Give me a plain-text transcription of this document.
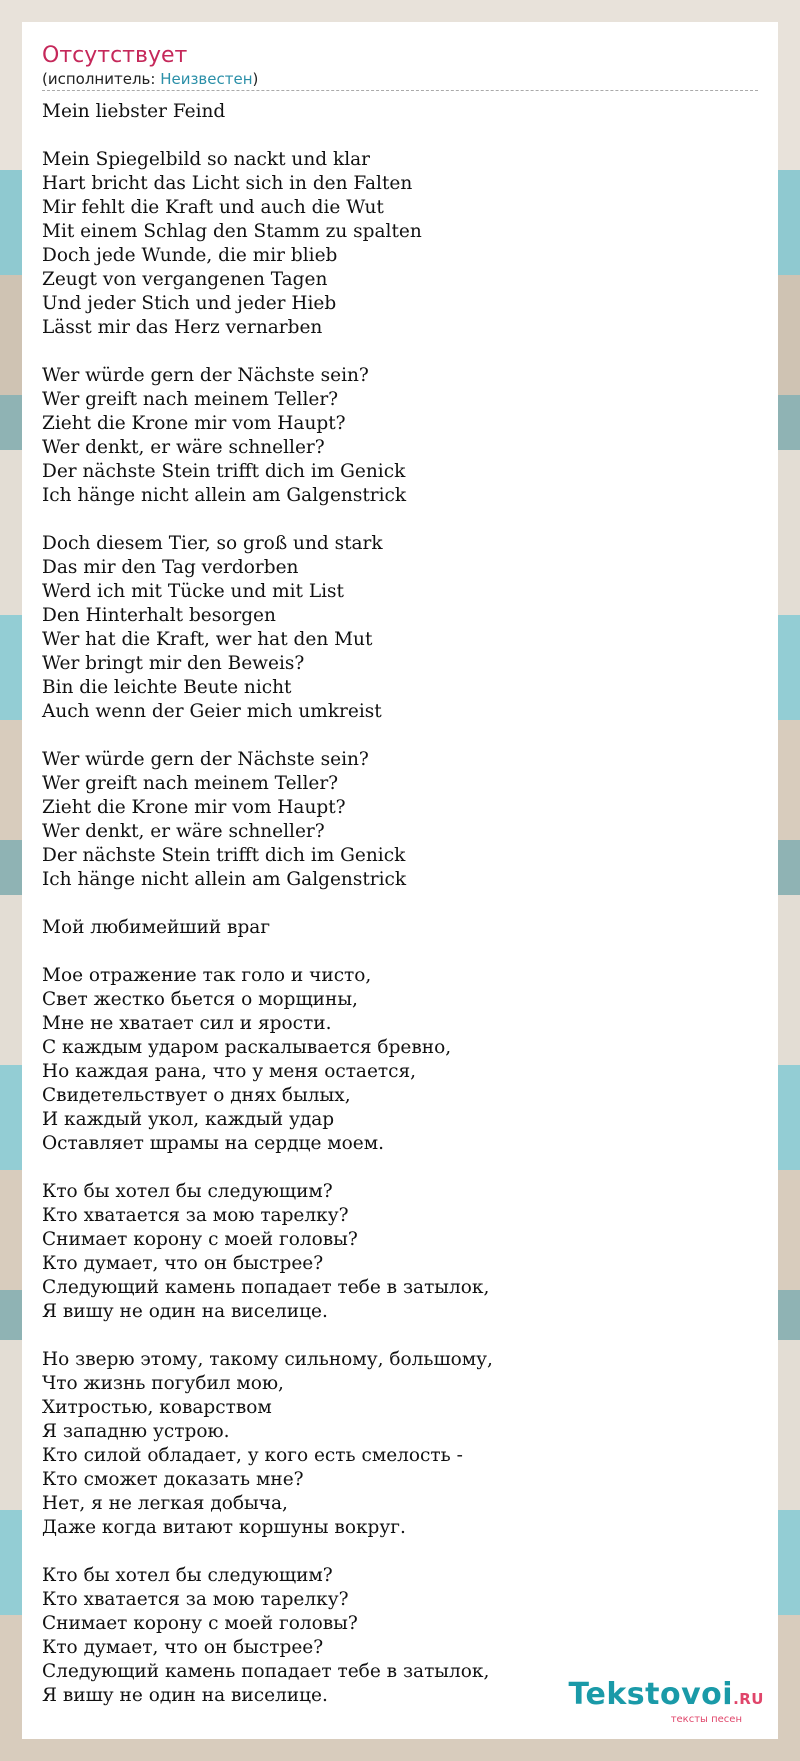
Отсутствует
(исполнитель: Неизвестен)
Mein liebster Feind
Mein Spiegelbild so nackt und klar
Hart bricht das Licht sich in den Falten
Mir fehlt die Kraft und auch die Wut
Mit einem Schlag den Stamm zu spalten
Doch jede Wunde, die mir blieb
Zeugt von vergangenen Tagen
Und jeder Stich und jeder Hieb
Lässt mir das Herz vernarben
Wer würde gern der Nächste sein?
Wer greift nach meinem Teller?
Zieht die Krone mir vom Haupt?
Wer denkt, er wäre schneller?
Der nächste Stein trifft dich im Genick
Ich hänge nicht allein am Galgenstrick
Doch diesem Tier, so groß und stark
Das mir den Tag verdorben
Werd ich mit Tücke und mit List
Den Hinterhalt besorgen
Wer hat die Kraft, wer hat den Mut
Wer bringt mir den Beweis?
Bin die leichte Beute nicht
Auch wenn der Geier mich umkreist
Wer würde gern der Nächste sein?
Wer greift nach meinem Teller?
Zieht die Krone mir vom Haupt?
Wer denkt, er wäre schneller?
Der nächste Stein trifft dich im Genick
Ich hänge nicht allein am Galgenstrick
Мой любимейший враг
Мое отражение так голо и чисто,
Свет жестко бьется о морщины,
Мне не хватает сил и ярости.
С каждым ударом раскалывается бревно,
Но каждая рана, что у меня остается,
Свидетельствует о днях былых,
И каждый укол, каждый удар
Оставляет шрамы на сердце моем.
Кто бы хотел бы следующим?
Кто хватается за мою тарелку?
Снимает корону с моей головы?
Кто думает, что он быстрее?
Следующий камень попадает тебе в затылок,
Я вишу не один на виселице.
Но зверю этому, такому сильному, большому,
Что жизнь погубил мою,
Хитростью, коварством
Я западню устрою.
Кто силой обладает, у кого есть смелость -
Кто сможет доказать мне?
Нет, я не легкая добыча,
Даже когда витают коршуны вокруг.
Кто бы хотел бы следующим?
Кто хватается за мою тарелку?
Снимает корону с моей головы?
Кто думает, что он быстрее?
Следующий камень попадает тебе в затылок,
Я вишу не один на виселице.	Tekstovoi.RU
тексты песен
